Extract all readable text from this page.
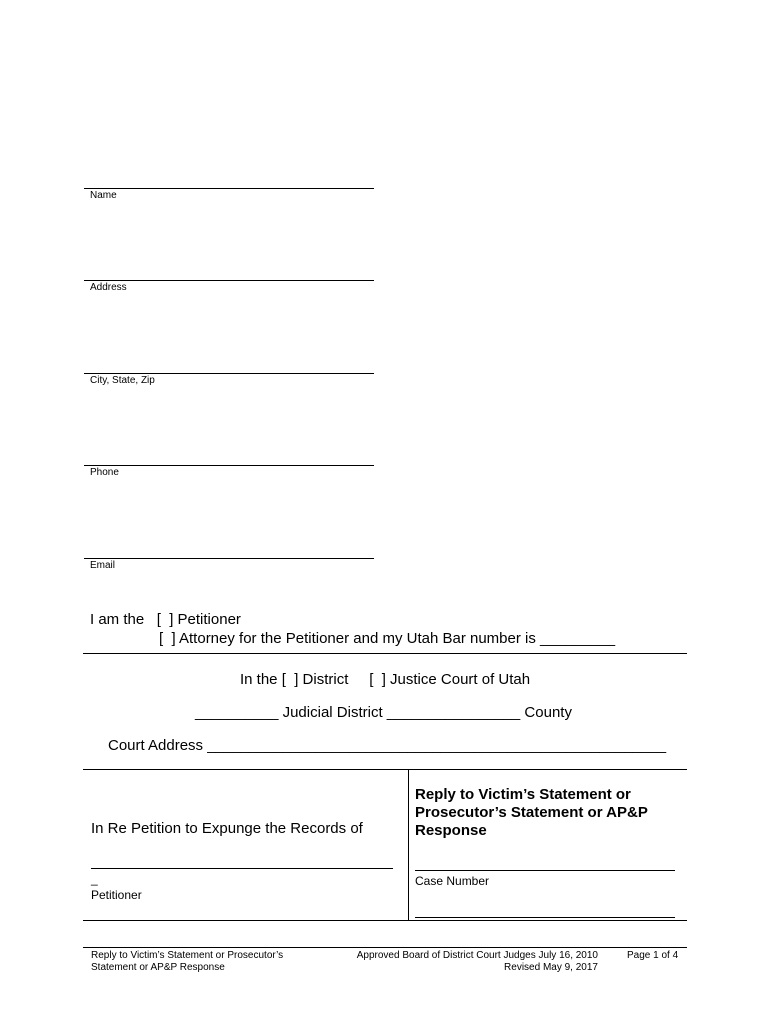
Name
Address
City, State, Zip
Phone
Email
I am the   [  ] Petitioner
[  ] Attorney for the Petitioner and my Utah Bar number is _________
In the [  ] District     [  ] Justice Court of Utah
__________ Judicial District ________________ County
Court Address _______________________________________________________
In Re Petition to Expunge the Records of
_
Petitioner
Reply to Victim’s Statement or Prosecutor’s Statement or AP&P Response
Case Number
Reply to Victim’s Statement or Prosecutor’s
Statement or AP&P Response
Approved Board of District Court Judges July 16, 2010
Revised May 9, 2017
Page 1 of 4
